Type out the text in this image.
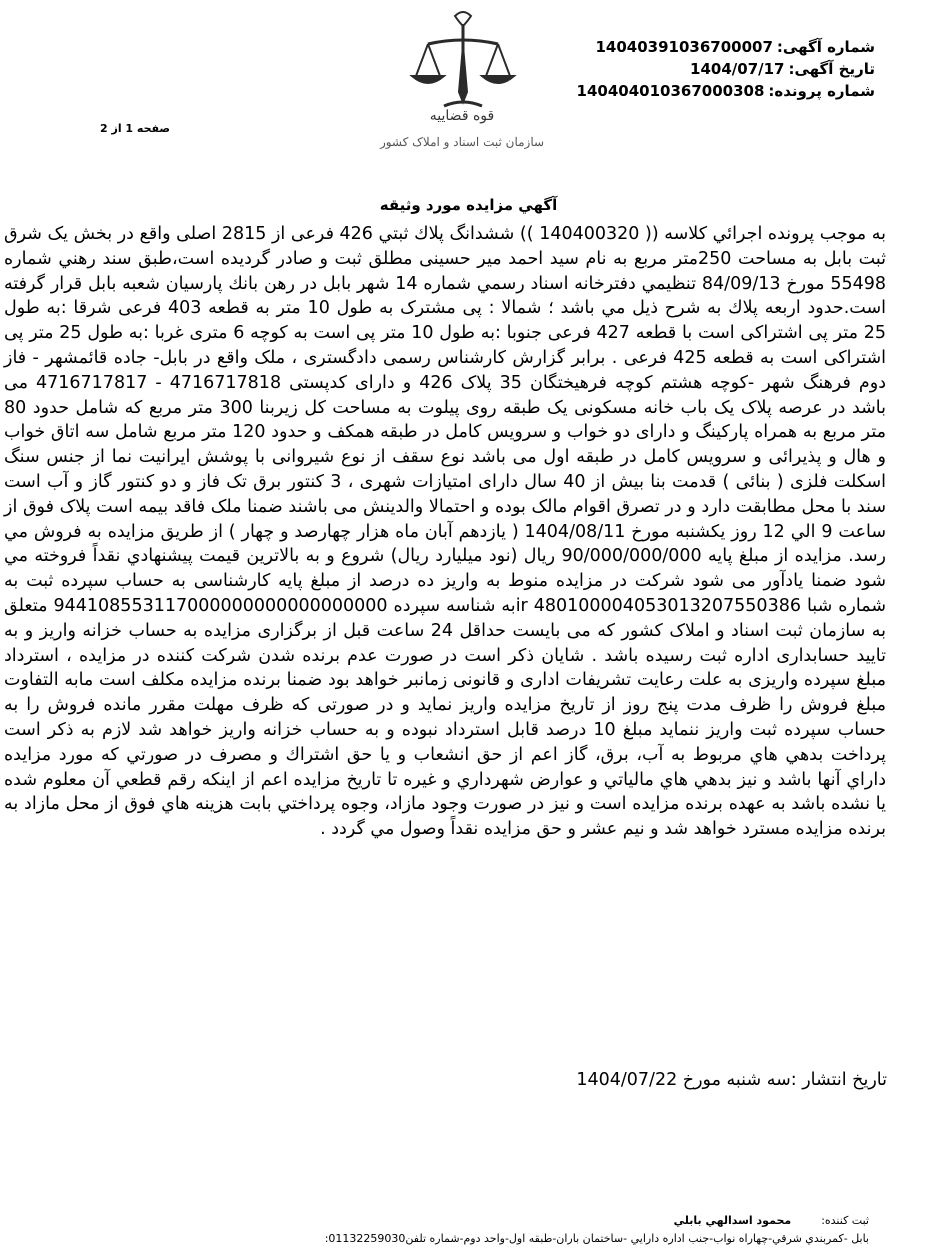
شماره آگهی:14040391036700007
تاریخ آگهی:1404/07/17
شماره پرونده:140404010367000308
قوه قضاییه
سازمان ثبت اسناد و املاک کشور
صفحه 1 از 2
آگهي مزايده مورد وثيقه

به موجب پرونده اجرائي كلاسه (( 140400320 )) ششدانگ پلاك ثبتي 426 فرعی از 2815 اصلی واقع در بخش یک شرق ثبت بابل به مساحت 250متر مربع به نام سید احمد میر حسینی مطلق ثبت و صادر گردیده است،طبق سند رهني شماره 55498 مورخ 84/09/13 تنظيمي دفترخانه اسناد رسمي شماره 14 شهر بابل در رهن بانك پارسيان شعبه بابل قرار گرفته است.حدود اربعه پلاك به شرح ذيل مي باشد ؛ شمالا : پی مشترک به طول 10 متر به قطعه 403 فرعی شرقا :به طول 25 متر پی اشتراکی است با قطعه 427 فرعی جنوبا :به طول 10 متر پی است به کوچه 6 متری غربا :به طول 25 متر پی اشتراکی است به قطعه 425 فرعی . برابر گزارش کارشناس رسمی دادگستری ، ملک واقع در بابل- جاده قائمشهر - فاز دوم فرهنگ شهر -کوچه هشتم کوچه فرهیختگان 35 پلاک 426 و دارای کدپستی 4716717818 - 4716717817 می باشد در عرصه پلاک یک باب خانه مسکونی یک طبقه روی پیلوت به مساحت کل زیربنا 300 متر مربع که شامل حدود 80 متر مربع به همراه پارکینگ و دارای دو خواب و سرویس کامل در طبقه همکف و حدود 120 متر مربع شامل سه اتاق خواب و هال و پذیرائی و سرویس کامل در طبقه اول می باشد نوع سقف از نوع شیروانی با پوشش ایرانیت نما از جنس سنگ اسکلت فلزی ( بنائی ) قدمت بنا بیش از 40 سال دارای امتیازات شهری ، 3 کنتور برق تک فاز و دو کنتور گاز و آب است سند با محل مطابقت دارد و در تصرق اقوام مالک بوده و احتمالا والدینش می باشند ضمنا ملک فاقد بیمه است پلاک فوق از ساعت 9 الي 12 روز يكشنبه مورخ 1404/08/11 ( يازدهم آبان ماه هزار چهارصد و چهار ) از طريق مزايده به فروش مي رسد. مزايده از مبلغ پايه 90/000/000/000 ريال (نود ميليارد ريال) شروع و به بالاترين قيمت پيشنهادي نقداً فروخته مي شود ضمنا يادآور می شود شرکت در مزايده منوط به واريز ده درصد از مبلغ پايه كارشناسى به حساب سپرده ثبت به شماره شبا ir 480100004053013207550386به شناسه سپرده 944108553117000000000000000000 متعلق به سازمان ثبت اسناد و املاک کشور که می بایست حداقل 24 ساعت قبل از برگزاری مزایده به حساب خزانه واریز و به تایید حسابداری اداره ثبت رسیده باشد . شایان ذکر است در صورت عدم برنده شدن شرکت کننده در مزایده ، استرداد مبلغ سپرده واریزی به علت رعایت تشریفات اداری و قانونی زمانبر خواهد بود ضمنا برنده مزایده مکلف است مابه التفاوت مبلغ فروش را ظرف مدت پنج روز از تاریخ مزایده واریز نماید و در صورتی که ظرف مهلت مقرر مانده فروش را به حساب سپرده ثبت واریز ننماید مبلغ 10 درصد قابل استرداد نبوده و به حساب خزانه واریز خواهد شد لازم به ذکر است پرداخت بدهي هاي مربوط به آب، برق، گاز اعم از حق انشعاب و يا حق اشتراك و مصرف در صورتي كه مورد مزايده داراي آنها باشد و نيز بدهي هاي مالياتي و عوارض شهرداري و غيره تا تاريخ مزايده اعم از اينكه رقم قطعي آن معلوم شده يا نشده باشد به عهده برنده مزايده است و نيز در صورت وجود مازاد، وجوه پرداختي بابت هزينه هاي فوق از محل مازاد به برنده مزايده مسترد خواهد شد و نيم عشر و حق مزايده نقداً وصول مي گردد .

تاريخ انتشار :سه شنبه مورخ 1404/07/22
ثبت کننده:محمود اسدالهي بابلي
بابل -کمربندي شرقي-چهاراه نواب-جنب اداره دارايي -ساختمان باران-طبقه اول-واحد دوم-شماره تلفن01132259030:
